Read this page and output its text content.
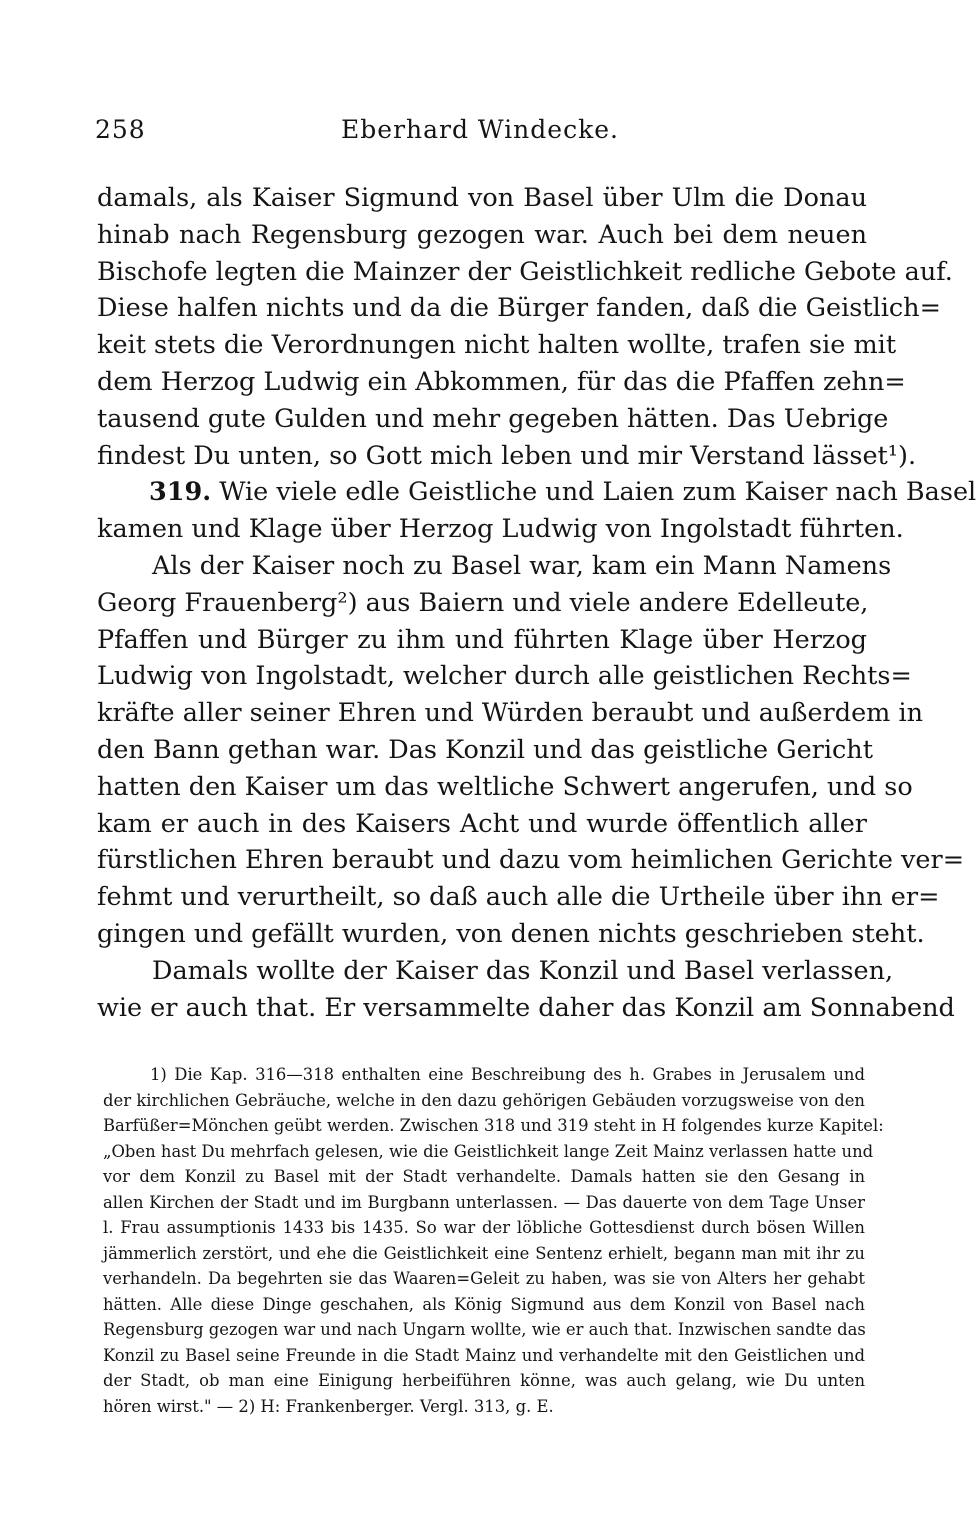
258	Eberhard Windecke.
damals, als Kaiser Sigmund von Basel über Ulm die Donau
hinab nach Regensburg gezogen war. Auch bei dem neuen
Bischofe legten die Mainzer der Geistlichkeit redliche Gebote auf.
Diese halfen nichts und da die Bürger fanden, daß die Geistlich=
keit stets die Verordnungen nicht halten wollte, trafen sie mit
dem Herzog Ludwig ein Abkommen, für das die Pfaffen zehn=
tausend gute Gulden und mehr gegeben hätten. Das Uebrige
findest Du unten, so Gott mich leben und mir Verstand lässet¹).
319. Wie viele edle Geistliche und Laien zum Kaiser nach Basel
kamen und Klage über Herzog Ludwig von Ingolstadt führten.
Als der Kaiser noch zu Basel war, kam ein Mann Namens
Georg Frauenberg²) aus Baiern und viele andere Edelleute,
Pfaffen und Bürger zu ihm und führten Klage über Herzog
Ludwig von Ingolstadt, welcher durch alle geistlichen Rechts=
kräfte aller seiner Ehren und Würden beraubt und außerdem in
den Bann gethan war. Das Konzil und das geistliche Gericht
hatten den Kaiser um das weltliche Schwert angerufen, und so
kam er auch in des Kaisers Acht und wurde öffentlich aller
fürstlichen Ehren beraubt und dazu vom heimlichen Gerichte ver=
fehmt und verurtheilt, so daß auch alle die Urtheile über ihn er=
gingen und gefällt wurden, von denen nichts geschrieben steht.
Damals wollte der Kaiser das Konzil und Basel verlassen,
wie er auch that. Er versammelte daher das Konzil am Sonnabend
1) Die Kap. 316—318 enthalten eine Beschreibung des h. Grabes in Jerusalem und
der kirchlichen Gebräuche, welche in den dazu gehörigen Gebäuden vorzugsweise von den
Barfüßer=Mönchen geübt werden. Zwischen 318 und 319 steht in H folgendes kurze Kapitel:
„Oben hast Du mehrfach gelesen, wie die Geistlichkeit lange Zeit Mainz verlassen hatte und
vor dem Konzil zu Basel mit der Stadt verhandelte. Damals hatten sie den Gesang in
allen Kirchen der Stadt und im Burgbann unterlassen. — Das dauerte von dem Tage Unser
l. Frau assumptionis 1433 bis 1435. So war der löbliche Gottesdienst durch bösen Willen
jämmerlich zerstört, und ehe die Geistlichkeit eine Sentenz erhielt, begann man mit ihr zu
verhandeln. Da begehrten sie das Waaren=Geleit zu haben, was sie von Alters her gehabt
hätten. Alle diese Dinge geschahen, als König Sigmund aus dem Konzil von Basel nach
Regensburg gezogen war und nach Ungarn wollte, wie er auch that. Inzwischen sandte das
Konzil zu Basel seine Freunde in die Stadt Mainz und verhandelte mit den Geistlichen und
der Stadt, ob man eine Einigung herbeiführen könne, was auch gelang, wie Du unten
hören wirst." — 2) H: Frankenberger. Vergl. 313, g. E.
